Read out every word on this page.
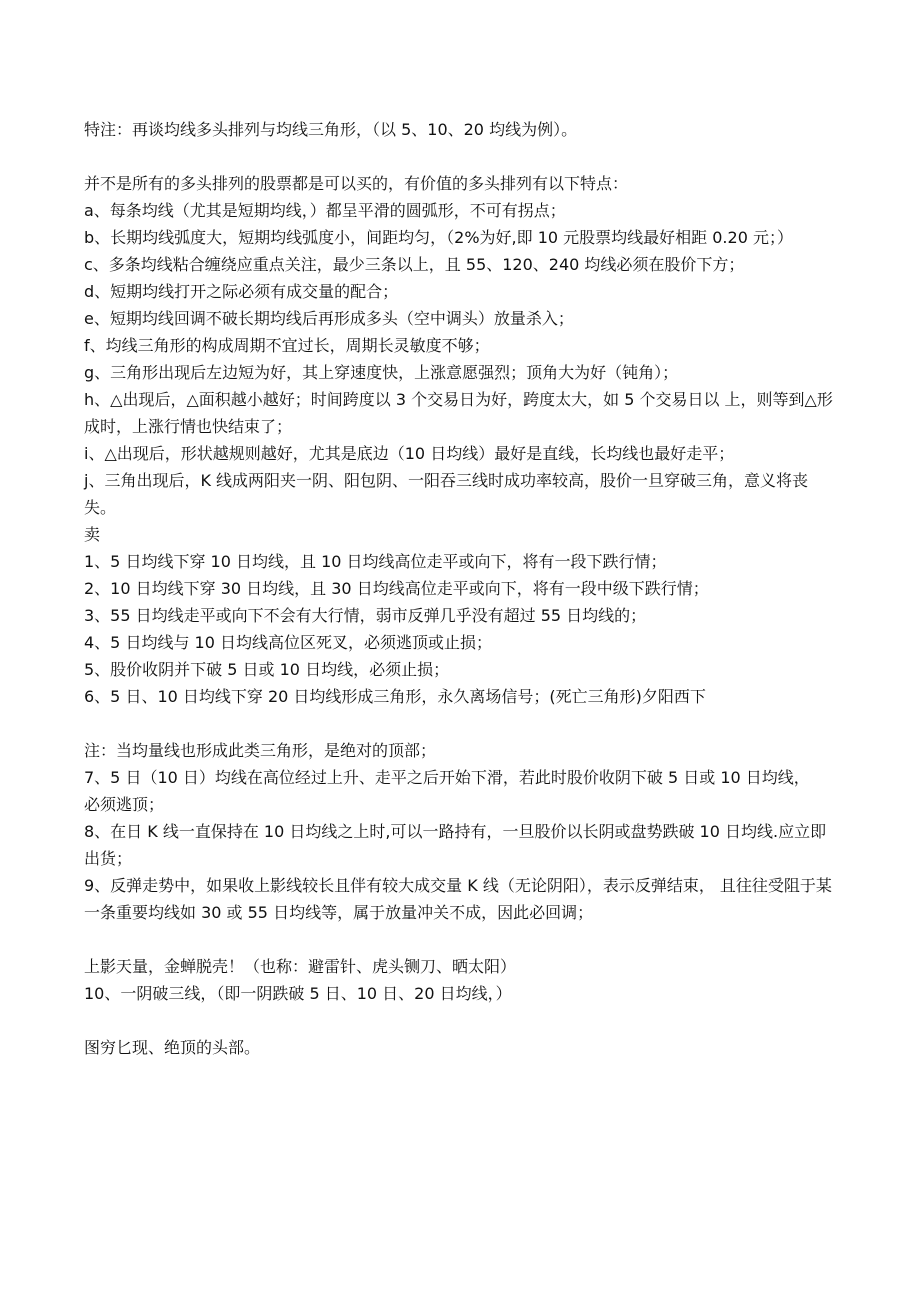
特注：再谈均线多头排列与均线三角形，（以 5、10、20 均线为例）。

并不是所有的多头排列的股票都是可以买的，有价值的多头排列有以下特点：

a、每条均线（尤其是短期均线，）都呈平滑的圆弧形，不可有拐点；

b、长期均线弧度大，短期均线弧度小，间距均匀，（2%为好,即 10 元股票均线最好相距 0.20 元；）

c、多条均线粘合缠绕应重点关注，最少三条以上，且 55、120、240 均线必须在股价下方；

d、短期均线打开之际必须有成交量的配合；

e、短期均线回调不破长期均线后再形成多头（空中调头）放量杀入；

f、均线三角形的构成周期不宜过长，周期长灵敏度不够；

g、三角形出现后左边短为好，其上穿速度快，上涨意愿强烈；顶角大为好（钝角）；

h、△出现后，△面积越小越好；时间跨度以 3 个交易日为好，跨度太大，如 5 个交易日以 上，则等到△形成时，上涨行情也快结束了；

i、△出现后，形状越规则越好，尤其是底边（10 日均线）最好是直线，长均线也最好走平；

j、三角出现后，K 线成两阳夹一阴、阳包阴、一阳吞三线时成功率较高，股价一旦穿破三角，意义将丧失。

卖

1、5 日均线下穿 10 日均线，且 10 日均线高位走平或向下，将有一段下跌行情；

2、10 日均线下穿 30 日均线，且 30 日均线高位走平或向下，将有一段中级下跌行情；

3、55 日均线走平或向下不会有大行情，弱市反弹几乎没有超过 55 日均线的；

4、5 日均线与 10 日均线高位区死叉，必须逃顶或止损；

5、股价收阴并下破 5 日或 10 日均线，必须止损；

6、5 日、10 日均线下穿 20 日均线形成三角形，永久离场信号；(死亡三角形)夕阳西下

注：当均量线也形成此类三角形，是绝对的顶部；

7、5 日（10 日）均线在高位经过上升、走平之后开始下滑，若此时股价收阴下破 5 日或 10 日均线，

必须逃顶；

8、在日 K 线一直保持在 10 日均线之上时,可以一路持有，一旦股价以长阴或盘势跌破 10 日均线.应立即出货；

9、反弹走势中，如果收上影线较长且伴有较大成交量 K 线（无论阴阳），表示反弹结束， 且往往受阻于某一条重要均线如 30 或 55 日均线等，属于放量冲关不成，因此必回调；

上影天量，金蝉脱壳！（也称：避雷针、虎头铡刀、晒太阳）

10、一阴破三线，（即一阴跌破 5 日、10 日、20 日均线，）

图穷匕现、绝顶的头部。
